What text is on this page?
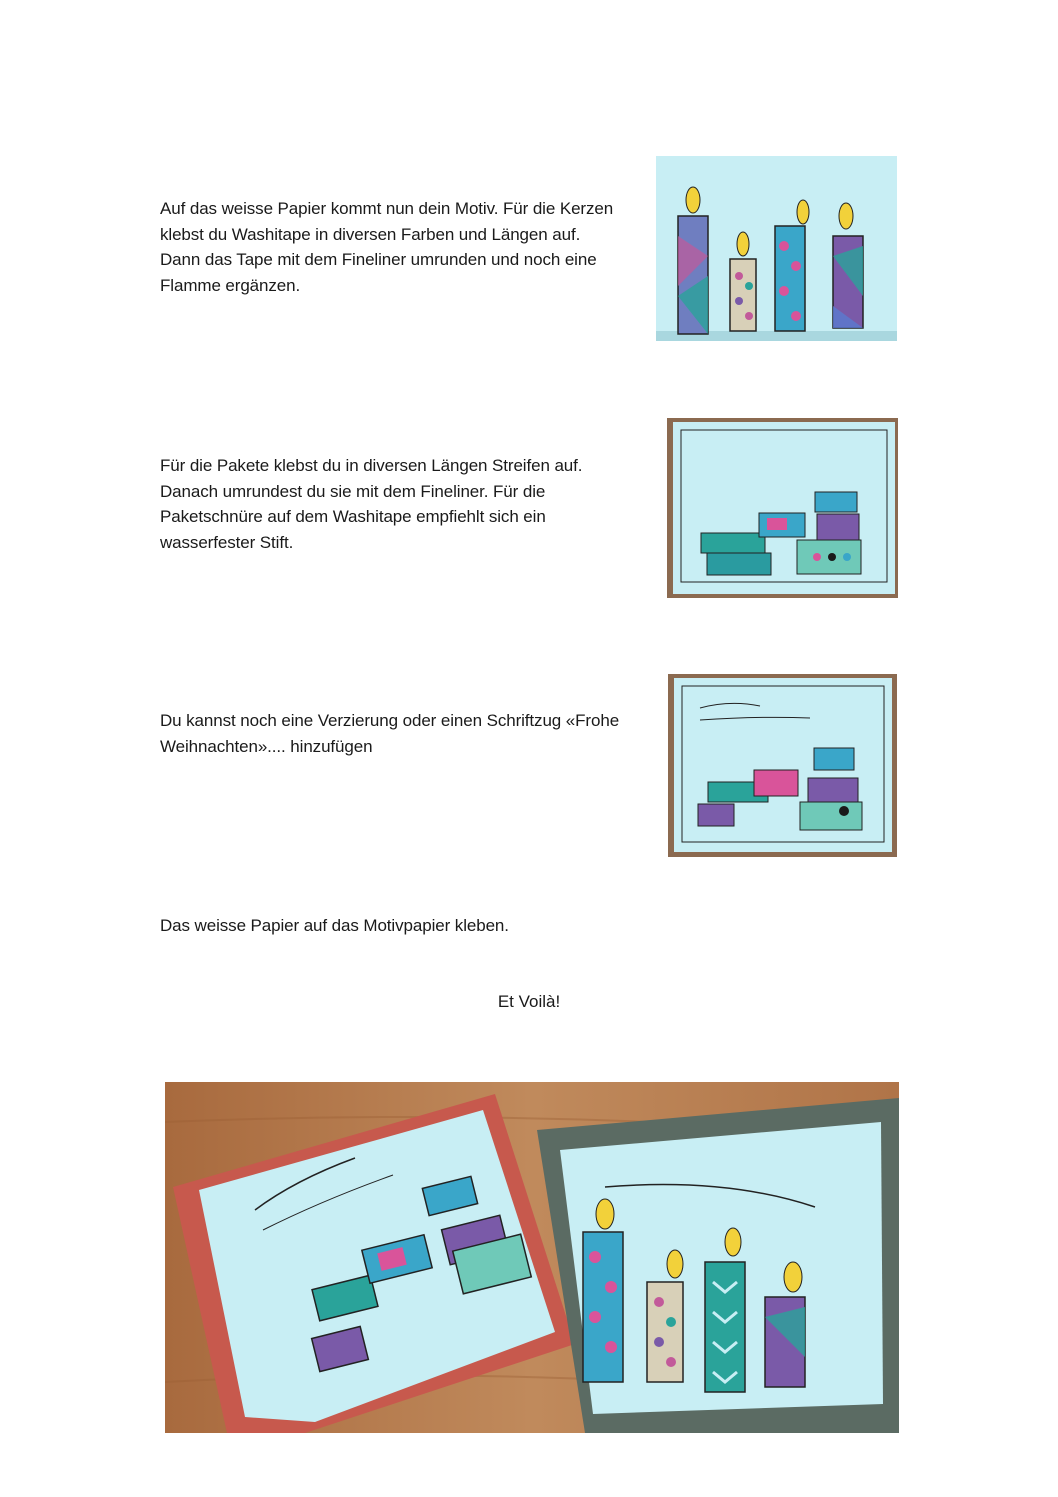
Auf das weisse Papier kommt nun dein Motiv. Für die Kerzen
klebst du Washitape in diversen Farben und Längen auf.
Dann das Tape mit dem Fineliner umrunden und noch eine
Flamme ergänzen.

Für die Pakete klebst du in diversen Längen Streifen auf.
Danach umrundest du sie mit dem Fineliner. Für die
Paketschnüre auf dem Washitape empfiehlt sich ein
wasserfester Stift.

Du kannst noch eine Verzierung oder einen Schriftzug «Frohe
Weihnachten».... hinzufügen

Das weisse Papier auf das Motivpapier kleben.

Et Voilà!
